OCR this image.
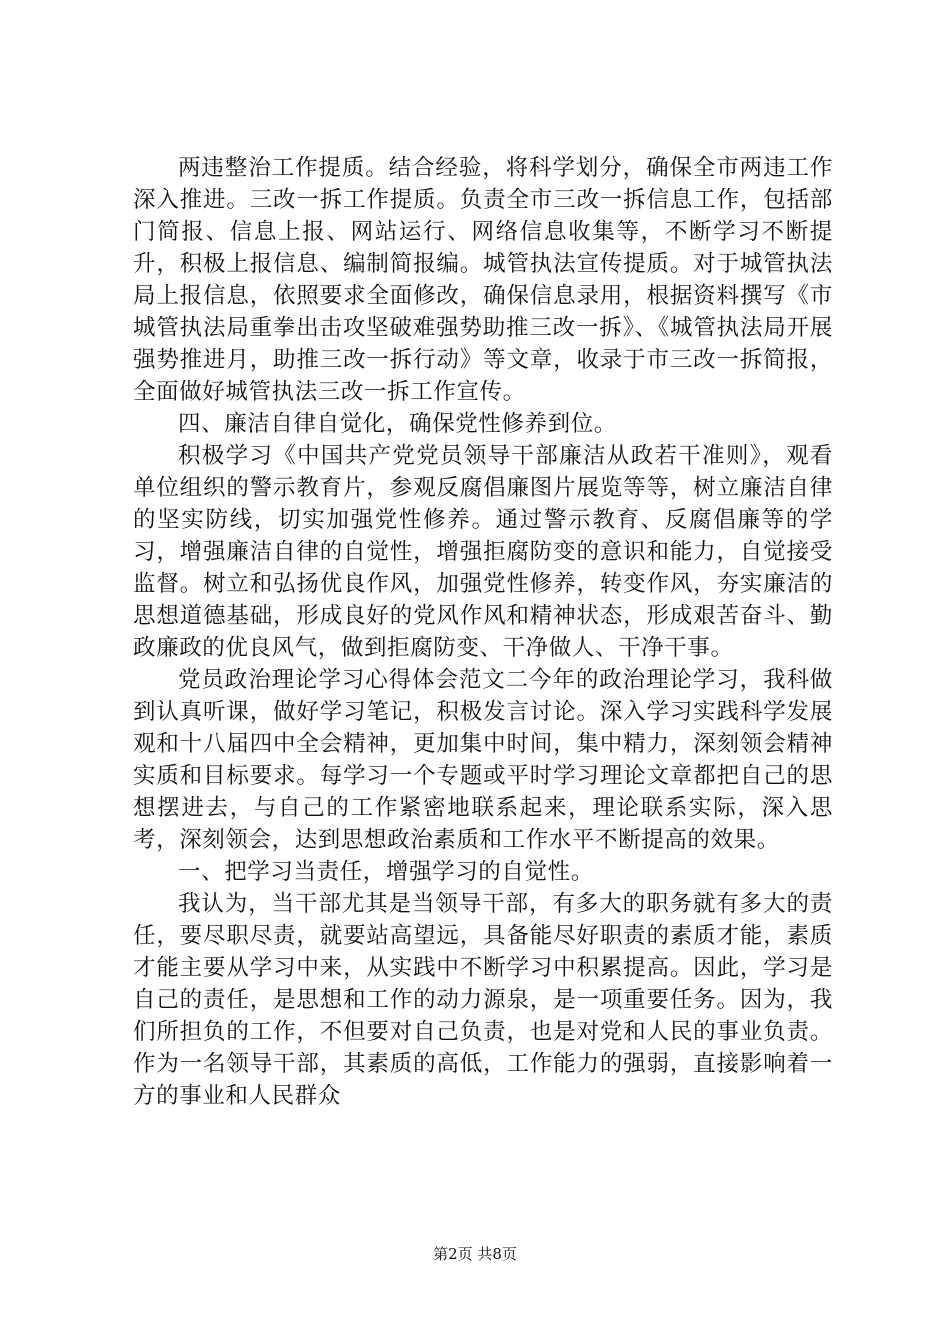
两违整治工作提质。结合经验，将科学划分，确保全市两违工作深入推进。三改一拆工作提质。负责全市三改一拆信息工作，包括部门简报、信息上报、网站运行、网络信息收集等，不断学习不断提升，积极上报信息、编制简报编。城管执法宣传提质。对于城管执法局上报信息，依照要求全面修改，确保信息录用，根据资料撰写《市城管执法局重拳出击攻坚破难强势助推三改一拆》、《城管执法局开展强势推进月，助推三改一拆行动》等文章，收录于市三改一拆简报，全面做好城管执法三改一拆工作宣传。

四、廉洁自律自觉化，确保党性修养到位。

积极学习《中国共产党党员领导干部廉洁从政若干准则》，观看单位组织的警示教育片，参观反腐倡廉图片展览等等，树立廉洁自律的坚实防线，切实加强党性修养。通过警示教育、反腐倡廉等的学习，增强廉洁自律的自觉性，增强拒腐防变的意识和能力，自觉接受监督。树立和弘扬优良作风，加强党性修养，转变作风，夯实廉洁的思想道德基础，形成良好的党风作风和精神状态，形成艰苦奋斗、勤政廉政的优良风气，做到拒腐防变、干净做人、干净干事。

党员政治理论学习心得体会范文二今年的政治理论学习，我科做到认真听课，做好学习笔记，积极发言讨论。深入学习实践科学发展观和十八届四中全会精神，更加集中时间，集中精力，深刻领会精神实质和目标要求。每学习一个专题或平时学习理论文章都把自己的思想摆进去，与自己的工作紧密地联系起来，理论联系实际，深入思考，深刻领会，达到思想政治素质和工作水平不断提高的效果。

一、把学习当责任，增强学习的自觉性。

我认为，当干部尤其是当领导干部，有多大的职务就有多大的责任，要尽职尽责，就要站高望远，具备能尽好职责的素质才能，素质才能主要从学习中来，从实践中不断学习中积累提高。因此，学习是自己的责任，是思想和工作的动力源泉，是一项重要任务。因为，我们所担负的工作，不但要对自己负责，也是对党和人民的事业负责。作为一名领导干部，其素质的高低，工作能力的强弱，直接影响着一方的事业和人民群众

第2页 共8页
